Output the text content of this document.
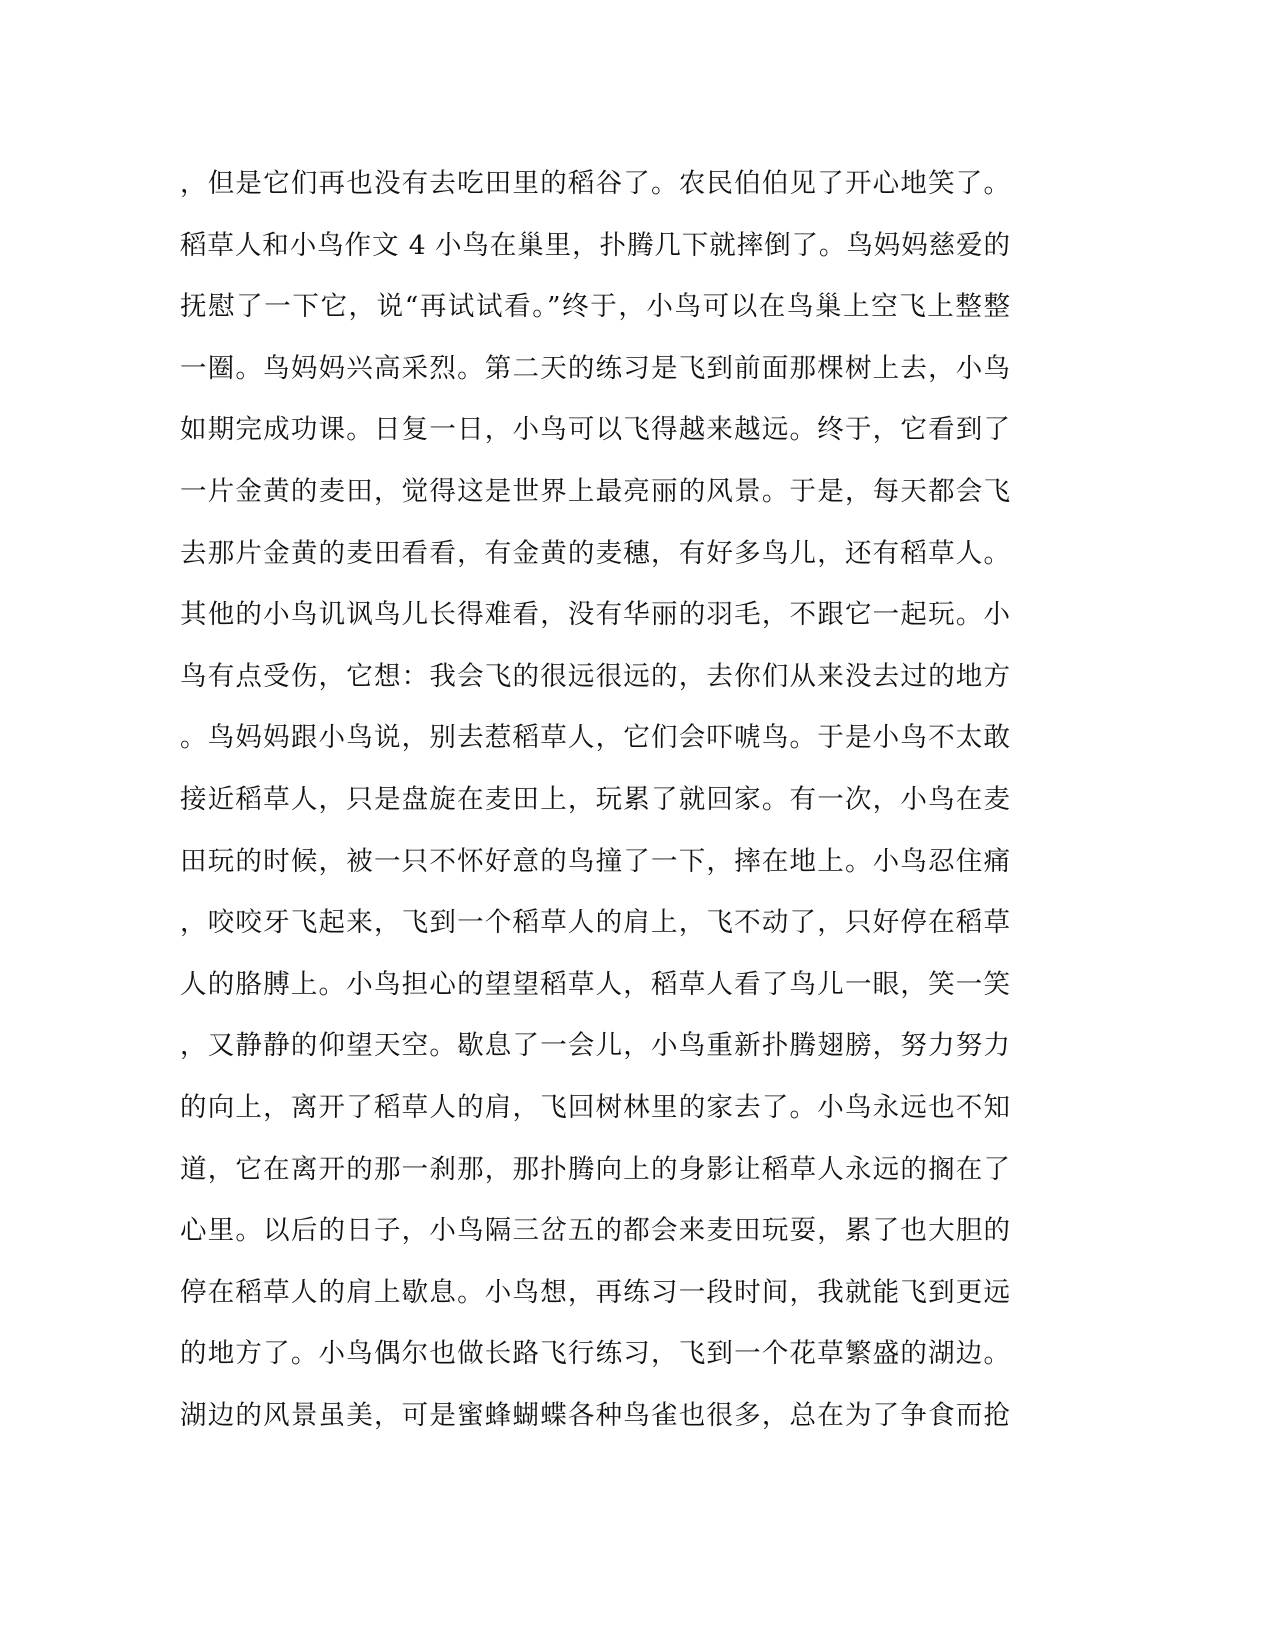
，但是它们再也没有去吃田里的稻谷了。农民伯伯见了开心地笑了。
稻草人和小鸟作文 4 小鸟在巢里，扑腾几下就摔倒了。鸟妈妈慈爱的
抚慰了一下它，说“再试试看。”终于，小鸟可以在鸟巢上空飞上整整
一圈。鸟妈妈兴高采烈。第二天的练习是飞到前面那棵树上去，小鸟
如期完成功课。日复一日，小鸟可以飞得越来越远。终于，它看到了
一片金黄的麦田，觉得这是世界上最亮丽的风景。于是，每天都会飞
去那片金黄的麦田看看，有金黄的麦穗，有好多鸟儿，还有稻草人。
其他的小鸟讥讽鸟儿长得难看，没有华丽的羽毛，不跟它一起玩。小
鸟有点受伤，它想：我会飞的很远很远的，去你们从来没去过的地方
。鸟妈妈跟小鸟说，别去惹稻草人，它们会吓唬鸟。于是小鸟不太敢
接近稻草人，只是盘旋在麦田上，玩累了就回家。有一次，小鸟在麦
田玩的时候，被一只不怀好意的鸟撞了一下，摔在地上。小鸟忍住痛
，咬咬牙飞起来，飞到一个稻草人的肩上，飞不动了，只好停在稻草
人的胳膊上。小鸟担心的望望稻草人，稻草人看了鸟儿一眼，笑一笑
，又静静的仰望天空。歇息了一会儿，小鸟重新扑腾翅膀，努力努力
的向上，离开了稻草人的肩，飞回树林里的家去了。小鸟永远也不知
道，它在离开的那一刹那，那扑腾向上的身影让稻草人永远的搁在了
心里。以后的日子，小鸟隔三岔五的都会来麦田玩耍，累了也大胆的
停在稻草人的肩上歇息。小鸟想，再练习一段时间，我就能飞到更远
的地方了。小鸟偶尔也做长路飞行练习，飞到一个花草繁盛的湖边。
湖边的风景虽美，可是蜜蜂蝴蝶各种鸟雀也很多，总在为了争食而抢
